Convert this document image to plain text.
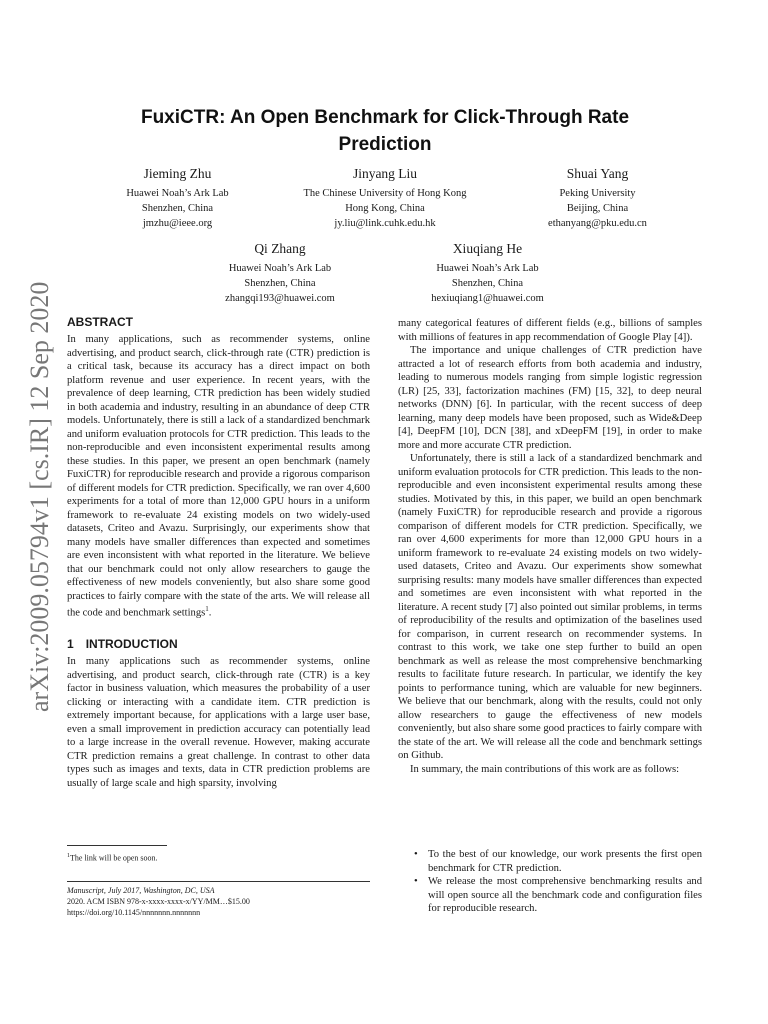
arXiv:2009.05794v1 [cs.IR] 12 Sep 2020
FuxiCTR: An Open Benchmark for Click-Through Rate
Prediction
Jieming Zhu
Huawei Noah’s Ark Lab
Shenzhen, China
jmzhu@ieee.org
Jinyang Liu
The Chinese University of Hong Kong
Hong Kong, China
jy.liu@link.cuhk.edu.hk
Shuai Yang
Peking University
Beijing, China
ethanyang@pku.edu.cn
Qi Zhang
Huawei Noah’s Ark Lab
Shenzhen, China
zhangqi193@huawei.com
Xiuqiang He
Huawei Noah’s Ark Lab
Shenzhen, China
hexiuqiang1@huawei.com
ABSTRACT

In many applications, such as recommender systems, online advertising, and product search, click-through rate (CTR) prediction is a critical task, because its accuracy has a direct impact on both platform revenue and user experience. In recent years, with the prevalence of deep learning, CTR prediction has been widely studied in both academia and industry, resulting in an abundance of deep CTR models. Unfortunately, there is still a lack of a standardized benchmark and uniform evaluation protocols for CTR prediction. This leads to the non-reproducible and even inconsistent experimental results among these studies. In this paper, we present an open benchmark (namely FuxiCTR) for reproducible research and provide a rigorous comparison of different models for CTR prediction. Specifically, we ran over 4,600 experiments for a total of more than 12,000 GPU hours in a uniform framework to re-evaluate 24 existing models on two widely-used datasets, Criteo and Avazu. Surprisingly, our experiments show that many models have smaller differences than expected and sometimes are even inconsistent with what reported in the literature. We believe that our benchmark could not only allow researchers to gauge the effectiveness of new models conveniently, but also share some good practices to fairly compare with the state of the arts. We will release all the code and benchmark settings$^1$.

1 INTRODUCTION

In many applications such as recommender systems, online advertising, and product search, click-through rate (CTR) is a key factor in business valuation, which measures the probability of a user clicking or interacting with a candidate item. CTR prediction is extremely important because, for applications with a large user base, even a small improvement in prediction accuracy can potentially lead to a large increase in the overall revenue. However, making accurate CTR prediction remains a great challenge. In contrast to other data types such as images and texts, data in CTR prediction problems are usually of large scale and high sparsity, involving

$^1$The link will be open soon.
Manuscript, July 2017, Washington, DC, USA
2020. ACM ISBN 978-x-xxxx-xxxx-x/YY/MM…$15.00
https://doi.org/10.1145/nnnnnnn.nnnnnnn

many categorical features of different fields (e.g., billions of samples with millions of features in app recommendation of Google Play [4]).

The importance and unique challenges of CTR prediction have attracted a lot of research efforts from both academia and industry, leading to numerous models ranging from simple logistic regression (LR) [25, 33], factorization machines (FM) [15, 32], to deep neural networks (DNN) [6]. In particular, with the recent success of deep learning, many deep models have been proposed, such as Wide&Deep [4], DeepFM [10], DCN [38], and xDeepFM [19], in order to make more and more accurate CTR prediction.

Unfortunately, there is still a lack of a standardized benchmark and uniform evaluation protocols for CTR prediction. This leads to the non-reproducible and even inconsistent experimental results among these studies. Motivated by this, in this paper, we build an open benchmark (namely FuxiCTR) for reproducible research and provide a rigorous comparison of different models for CTR prediction. Specifically, we ran over 4,600 experiments for more than 12,000 GPU hours in a uniform framework to re-evaluate 24 existing models on two widely-used datasets, Criteo and Avazu. Our experiments show somewhat surprising results: many models have smaller differences than expected and sometimes are even inconsistent with what reported in the literature. A recent study [7] also pointed out similar problems, in terms of reproducibility of the results and optimization of the baselines used for comparison, in current research on recommender systems. In contrast to this work, we take one step further to build an open benchmark as well as release the most comprehensive benchmarking results to facilitate future research. In particular, we identify the key points to performance tuning, which are valuable for new beginners. We believe that our benchmark, along with the results, could not only allow researchers to gauge the effectiveness of new models conveniently, but also share some good practices to fairly compare with the state of the art. We will release all the code and benchmark settings on Github.

In summary, the main contributions of this work are as follows:

• To the best of our knowledge, our work presents the first open benchmark for CTR prediction.
• We release the most comprehensive benchmarking results and will open source all the benchmark code and configuration files for reproducible research.
